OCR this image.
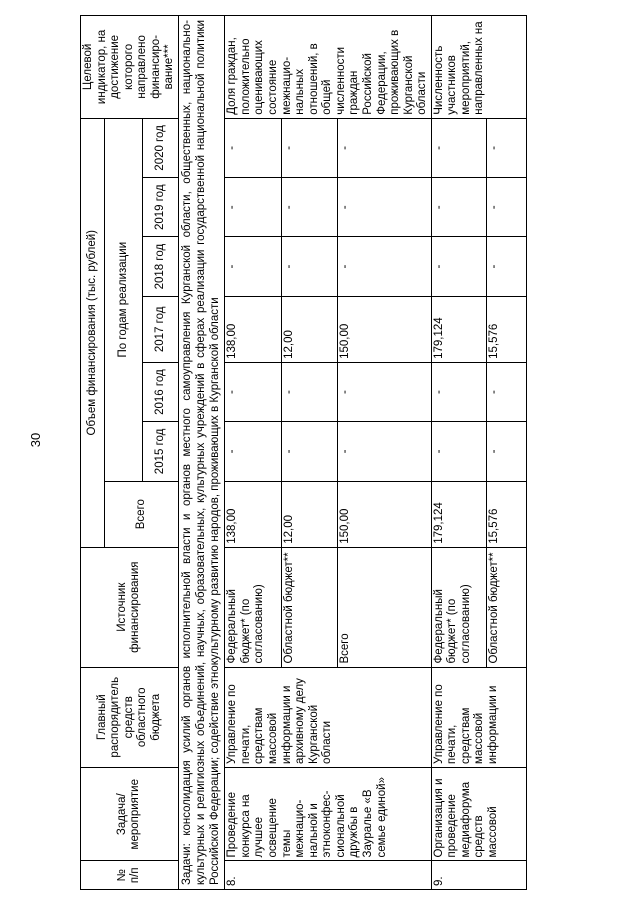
30
№ п/п	Задача/ мероприятие	Главный распорядитель средств областного бюджета	Источник финансирования	Объем финансирования (тыс. рублей)							Целевой индикатор, на достижение которого направлено финансиро-вание***
				Всего	По годам реализации						
					2015 год	2016 год	2017 год	2018 год	2019 год	2020 год	
Задачи: консолидация усилий органов исполнительной власти и органов местного самоуправления Курганской области, общественных, национально-культурных и религиозных объединений, научных, образовательных, культурных учреждений в сферах реализации государственной национальной политики Российской Федерации; содействие этнокультурному развитию народов, проживающих в Курганской области											
8.	Проведение конкурса на лучшее освещение темы межнацио-нальной и этноконфес-сиональной дружбы в Зауралье «В семье единой»	Управление по печати, средствам массовой информации и архивному делу Курганской области	Федеральный бюджет* (по согласованию)	138,00	-	-	138,00	-	-	-	Доля граждан, положительно оценивающих состояние межнацио-нальных отношений, в общей численности граждан Российской Федерации, проживающих в Курганской области
			Областной бюджет**	12,00	-	-	12,00	-	-	-	
			Всего	150,00	-	-	150,00	-	-	-	
9.	Организация и проведение медиафорума средств массовой	Управление по печати, средствам массовой информации и	Федеральный бюджет* (по согласованию)	179,124	-	-	179,124	-	-	-	Численность участников мероприятий, направленных на
			Областной бюджет**	15,576	-	-	15,576	-	-	-	
